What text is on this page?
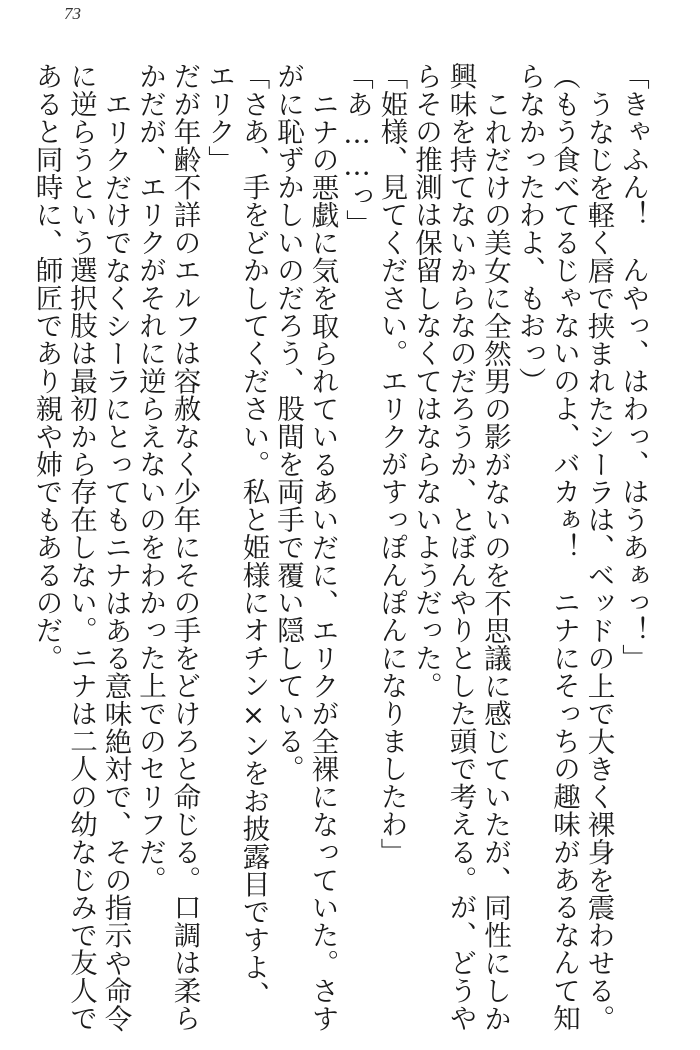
73

「きゃふん！　んやっ、はわっ、はうあぁっ！」

うなじを軽く唇で挟まれたシーラは、ベッドの上で大きく裸身を震わせる。

（もう食べてるじゃないのよ、バカぁ！　ニナにそっちの趣味があるなんて知らなかったわよ、もおっ）

これだけの美女に全然男の影がないのを不思議に感じていたが、同性にしか興味を持てないからなのだろうか、とぼんやりとした頭で考える。が、どうやらその推測は保留しなくてはならないようだった。

「姫様、見てください。エリクがすっぽんぽんになりましたわ」

「あ……っ」

ニナの悪戯に気を取られているあいだに、エリクが全裸になっていた。さすがに恥ずかしいのだろう、股間を両手で覆い隠している。

「さあ、手をどかしてください。私と姫様にオチン×ンをお披露目ですよ、エリク」

だが年齢不詳のエルフは容赦なく少年にその手をどけろと命じる。口調は柔らかだが、エリクがそれに逆らえないのをわかった上でのセリフだ。

エリクだけでなくシーラにとってもニナはある意味絶対で、その指示や命令に逆らうという選択肢は最初から存在しない。ニナは二人の幼なじみで友人であると同時に、師匠であり親や姉でもあるのだ。
